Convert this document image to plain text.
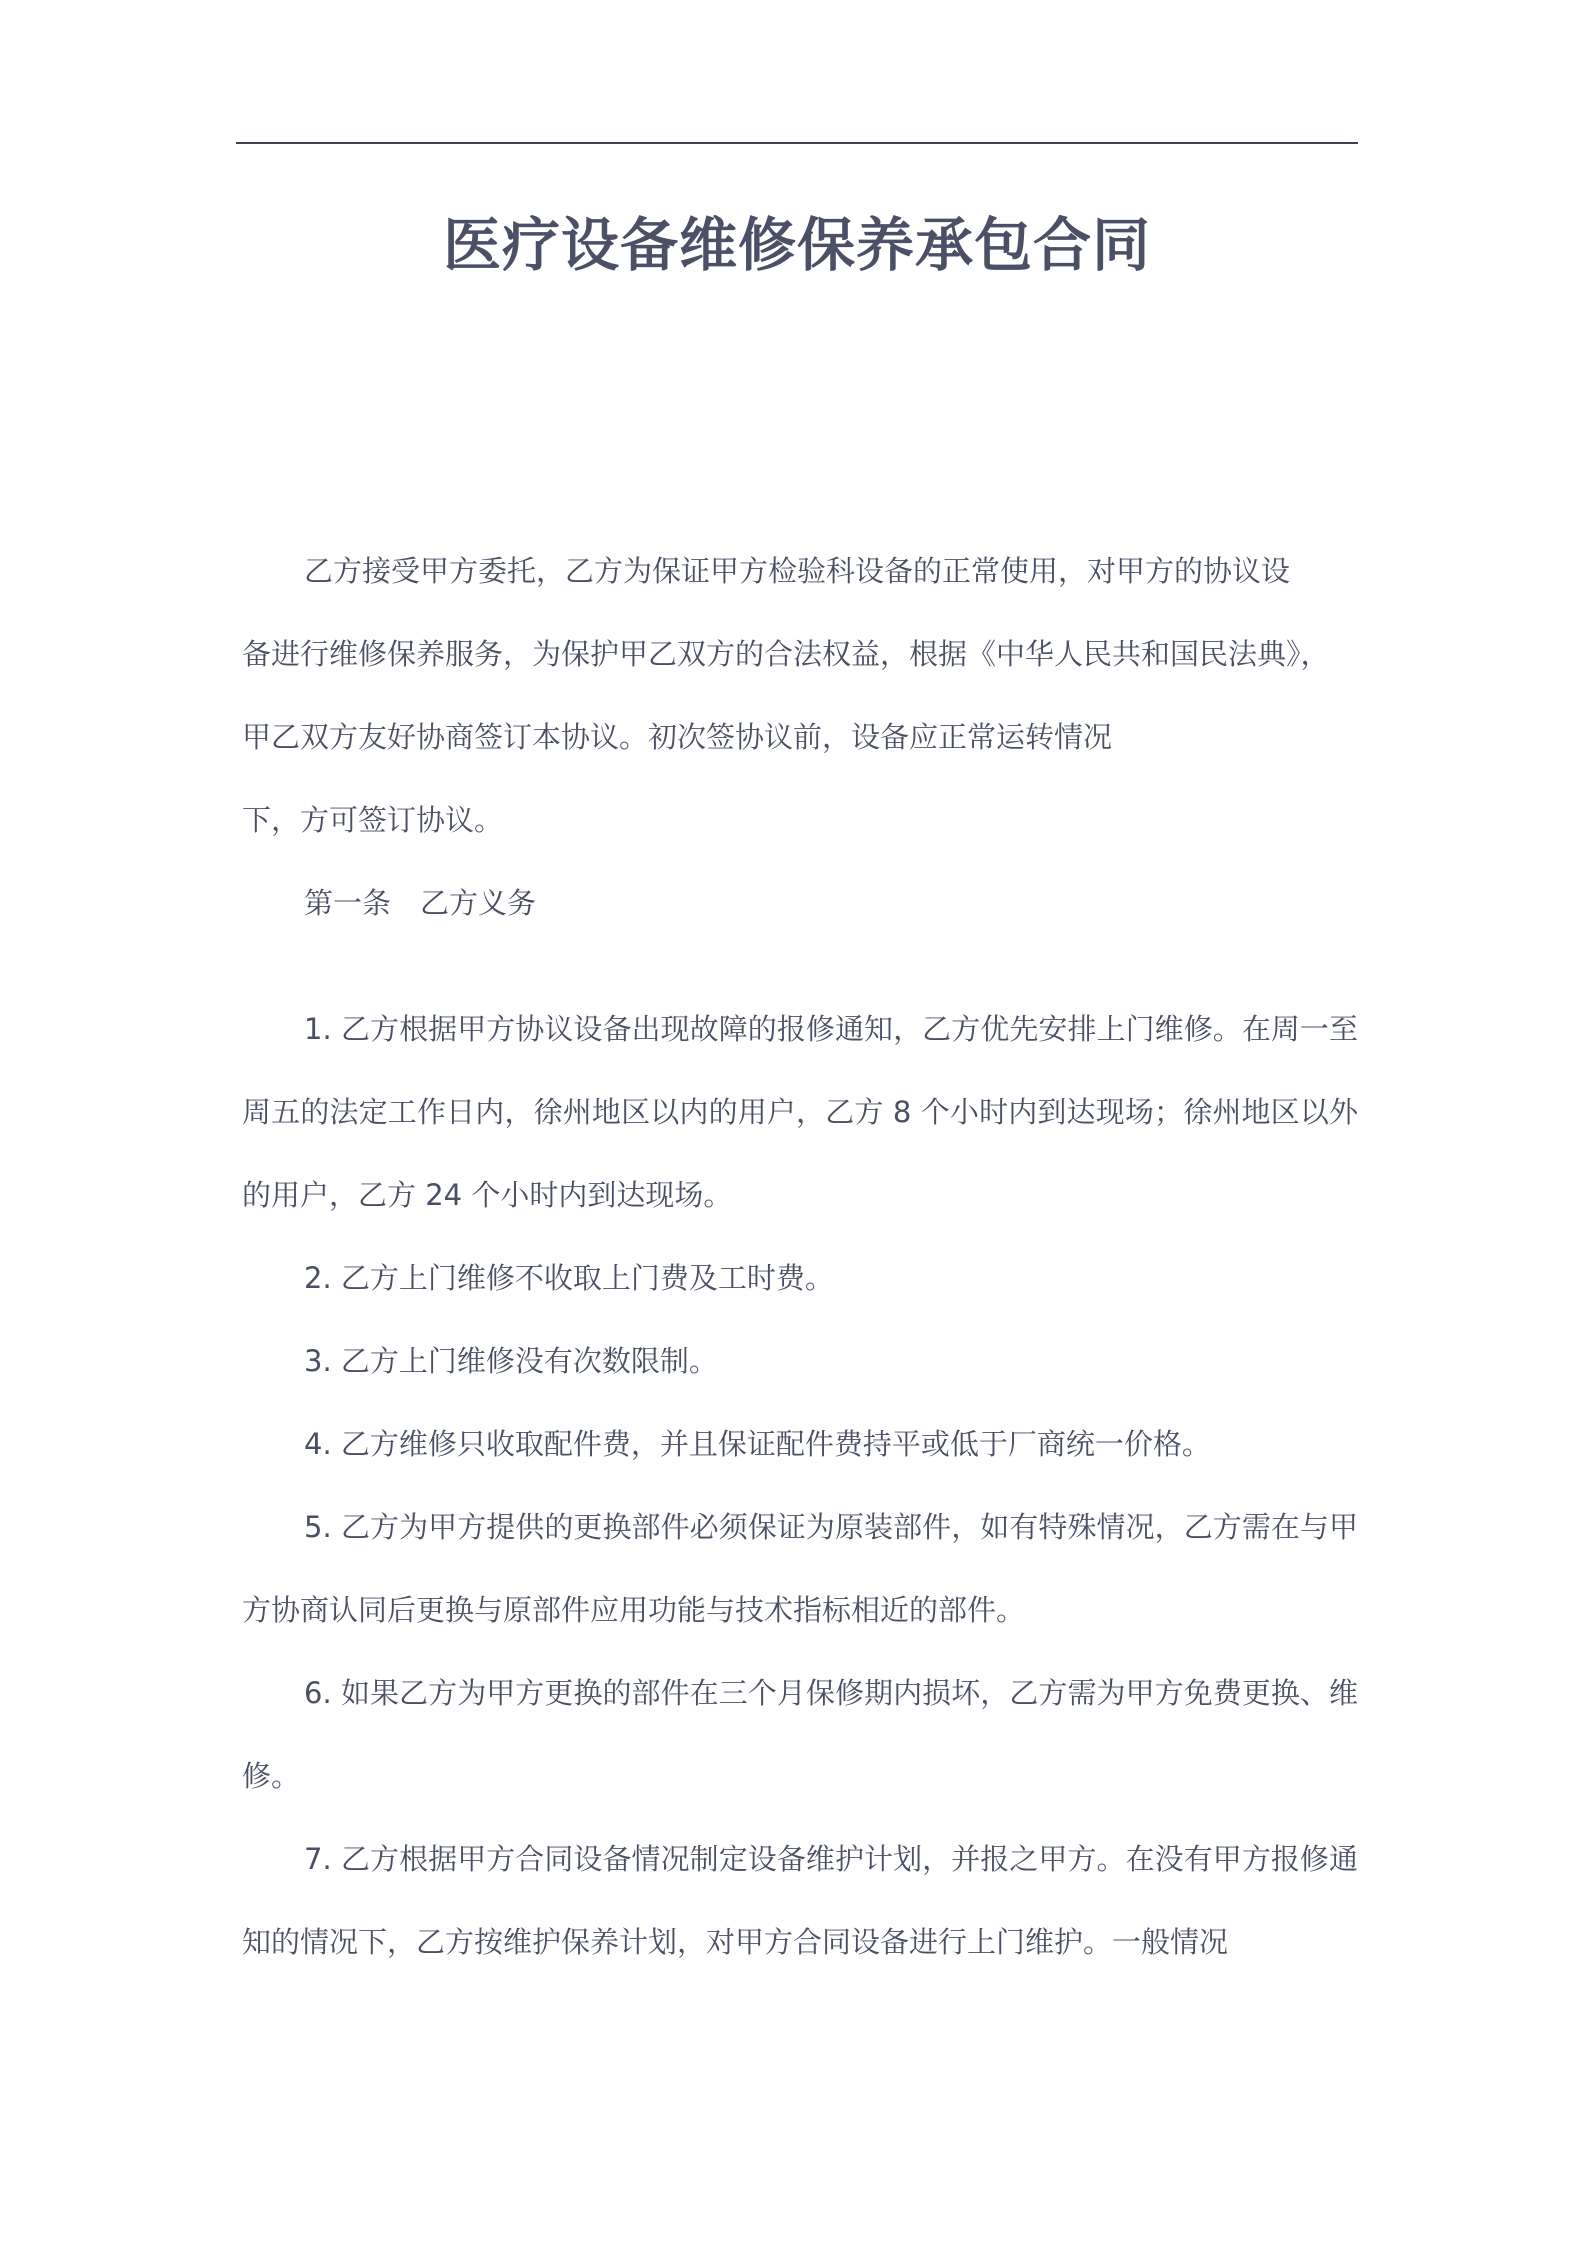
医疗设备维修保养承包合同

乙方接受甲方委托，乙方为保证甲方检验科设备的正常使用，对甲方的协议设
备进行维修保养服务，为保护甲乙双方的合法权益，根据《中华人民共和国民法典》，
甲乙双方友好协商签订本协议。初次签协议前，设备应正常运转情况
下，方可签订协议。

第一条　乙方义务

1. 乙方根据甲方协议设备出现故障的报修通知，乙方优先安排上门维修。在周一至周五的法定工作日内，徐州地区以内的用户，乙方 8 个小时内到达现场；徐州地区以外的用户，乙方 24 个小时内到达现场。

2. 乙方上门维修不收取上门费及工时费。

3. 乙方上门维修没有次数限制。

4. 乙方维修只收取配件费，并且保证配件费持平或低于厂商统一价格。

5. 乙方为甲方提供的更换部件必须保证为原装部件，如有特殊情况，乙方需在与甲方协商认同后更换与原部件应用功能与技术指标相近的部件。

6. 如果乙方为甲方更换的部件在三个月保修期内损坏，乙方需为甲方免费更换、维修。

7. 乙方根据甲方合同设备情况制定设备维护计划，并报之甲方。在没有甲方报修通知的情况下，乙方按维护保养计划，对甲方合同设备进行上门维护。一般情况
